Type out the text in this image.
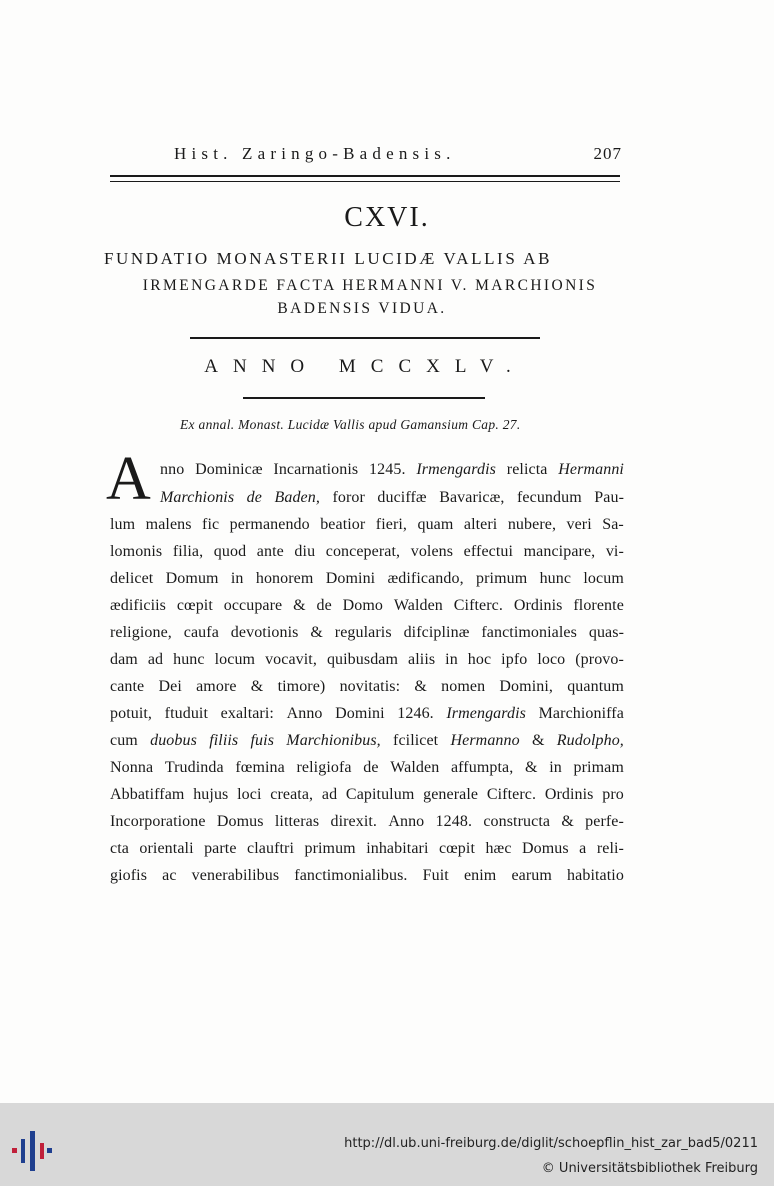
Hist. Zaringo-Badensis.	207
CXVI.
FUNDATIO MONASTERII LUCIDÆ VALLIS AB
IRMENGARDE FACTA HERMANNI V. MARCHIONIS
BADENSIS VIDUA.
ANNO MCCXLV.
Ex annal. Monast. Lucidæ Vallis apud Gamansium Cap. 27.
A nno Dominicæ Incarnationis 1245. Irmengardis relicta Hermanni
Marchionis de Baden, foror duciffæ Bavaricæ, fecundum Pau-
lum malens fic permanendo beatior fieri, quam alteri nubere, veri Sa-
lomonis filia, quod ante diu conceperat, volens effectui mancipare, vi-
delicet Domum in honorem Domini ædificando, primum hunc locum
ædificiis cœpit occupare & de Domo Walden Cifterc. Ordinis florente
religione, caufa devotionis & regularis difciplinæ fanctimoniales quas-
dam ad hunc locum vocavit, quibusdam aliis in hoc ipfo loco (provo-
cante Dei amore & timore) novitatis: & nomen Domini, quantum
potuit, ftuduit exaltari: Anno Domini 1246. Irmengardis Marchioniffa
cum duobus filiis fuis Marchionibus, fcilicet Hermanno & Rudolpho,
Nonna Trudinda fœmina religiofa de Walden affumpta, & in primam
Abbatiffam hujus loci creata, ad Capitulum generale Cifterc. Ordinis pro
Incorporatione Domus litteras direxit. Anno 1248. constructa & perfe-
cta orientali parte clauftri primum inhabitari cœpit hæc Domus a reli-
giofis ac venerabilibus fanctimonialibus. Fuit enim earum habitatio
http://dl.ub.uni-freiburg.de/diglit/schoepflin_hist_zar_bad5/0211
© Universitätsbibliothek Freiburg
